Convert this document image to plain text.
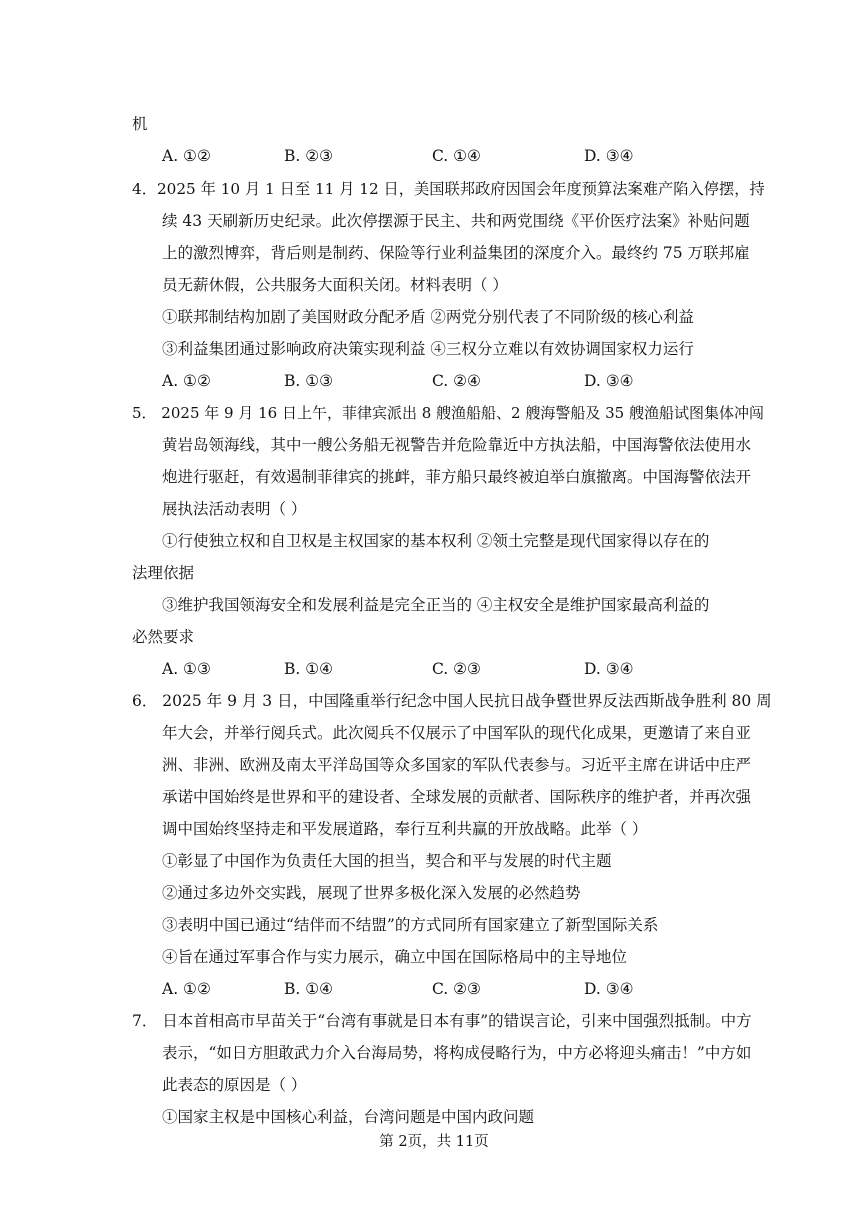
机
A. ①②	B. ②③	C. ①④	D. ③④
4．2025 年 10 月 1 日至 11 月 12 日，美国联邦政府因国会年度预算法案难产陷入停摆，持
续 43 天刷新历史纪录。此次停摆源于民主、共和两党围绕《平价医疗法案》补贴问题
上的激烈博弈，背后则是制药、保险等行业利益集团的深度介入。最终约 75 万联邦雇
员无薪休假，公共服务大面积关闭。材料表明（ ）
①联邦制结构加剧了美国财政分配矛盾 ②两党分别代表了不同阶级的核心利益
③利益集团通过影响政府决策实现利益 ④三权分立难以有效协调国家权力运行
A. ①②	B. ①③	C. ②④	D. ③④
5． 2025 年 9 月 16 日上午，菲律宾派出 8 艘渔船船、2 艘海警船及 35 艘渔船试图集体冲闯
黄岩岛领海线，其中一艘公务船无视警告并危险靠近中方执法船，中国海警依法使用水
炮进行驱赶，有效遏制菲律宾的挑衅，菲方船只最终被迫举白旗撤离。中国海警依法开
展执法活动表明（ ）
①行使独立权和自卫权是主权国家的基本权利 ②领土完整是现代国家得以存在的
法理依据
③维护我国领海安全和发展利益是完全正当的 ④主权安全是维护国家最高利益的
必然要求
A. ①③	B. ①④	C. ②③	D. ③④
6． 2025 年 9 月 3 日，中国隆重举行纪念中国人民抗日战争暨世界反法西斯战争胜利 80 周
年大会，并举行阅兵式。此次阅兵不仅展示了中国军队的现代化成果，更邀请了来自亚
洲、非洲、欧洲及南太平洋岛国等众多国家的军队代表参与。习近平主席在讲话中庄严
承诺中国始终是世界和平的建设者、全球发展的贡献者、国际秩序的维护者，并再次强
调中国始终坚持走和平发展道路，奉行互利共赢的开放战略。此举（ ）
①彰显了中国作为负责任大国的担当，契合和平与发展的时代主题
②通过多边外交实践，展现了世界多极化深入发展的必然趋势
③表明中国已通过“结伴而不结盟”的方式同所有国家建立了新型国际关系
④旨在通过军事合作与实力展示，确立中国在国际格局中的主导地位
A. ①②	B. ①④	C. ②③	D. ③④
7． 日本首相高市早苗关于“台湾有事就是日本有事”的错误言论，引来中国强烈抵制。中方
表示，“如日方胆敢武力介入台海局势，将构成侵略行为，中方必将迎头痛击！”中方如
此表态的原因是（ ）
①国家主权是中国核心利益，台湾问题是中国内政问题
第 2页，共 11页
